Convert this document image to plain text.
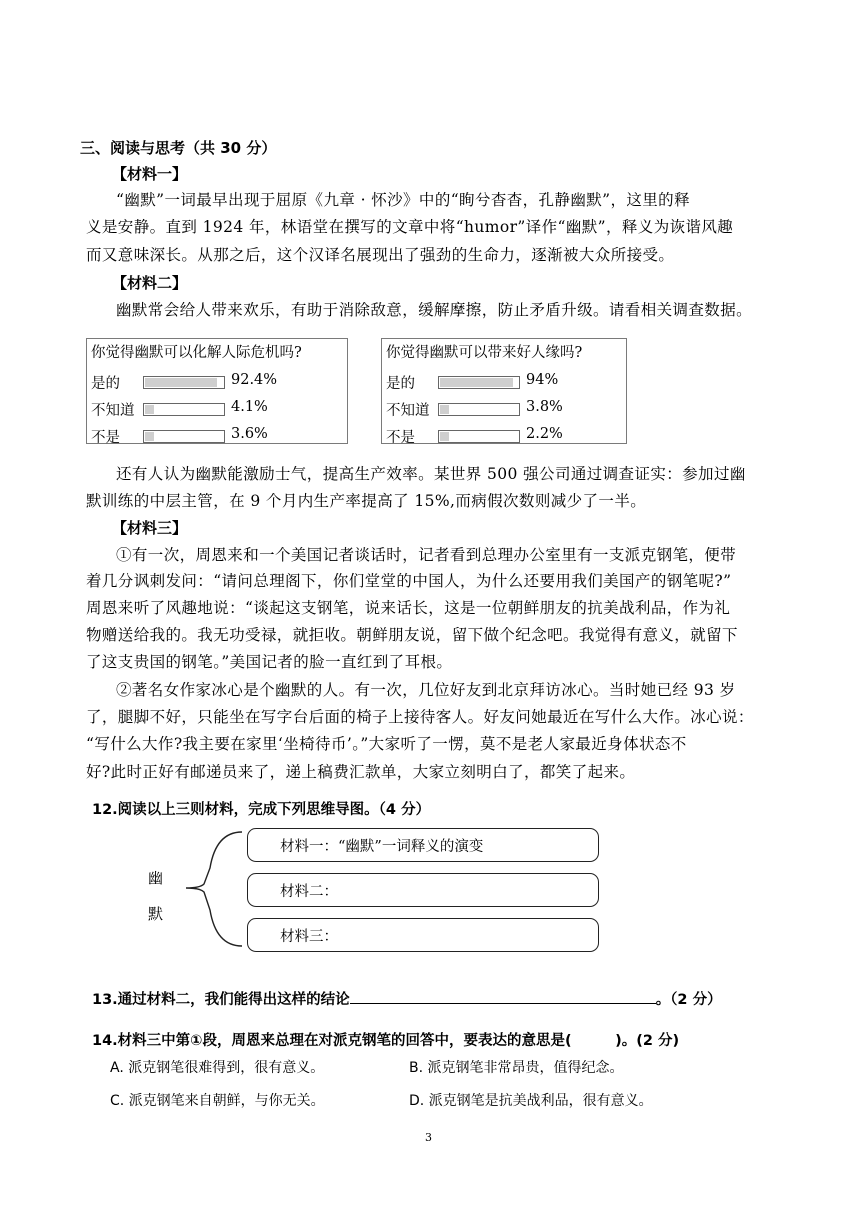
三、阅读与思考（共 30 分）
【材料一】
“幽默”一词最早出现于屈原《九章 · 怀沙》中的“眴兮杳杳，孔静幽默”，这里的释
义是安静。直到 1924 年，林语堂在撰写的文章中将“humor”译作“幽默”，释义为诙谐风趣
而又意味深长。从那之后，这个汉译名展现出了强劲的生命力，逐渐被大众所接受。
【材料二】
幽默常会给人带来欢乐，有助于消除敌意，缓解摩擦，防止矛盾升级。请看相关调查数据。
你觉得幽默可以化解人际危机吗?
是的	92.4%
不知道	4.1%
不是	3.6%
你觉得幽默可以带来好人缘吗?
是的	94%
不知道	3.8%
不是	2.2%
还有人认为幽默能激励士气，提高生产效率。某世界 500 强公司通过调查证实：参加过幽
默训练的中层主管，在 9 个月内生产率提高了 15%,而病假次数则减少了一半。
【材料三】
①有一次，周恩来和一个美国记者谈话时，记者看到总理办公室里有一支派克钢笔，便带
着几分讽刺发问：“请问总理阁下，你们堂堂的中国人，为什么还要用我们美国产的钢笔呢?”
周恩来听了风趣地说：“谈起这支钢笔，说来话长，这是一位朝鲜朋友的抗美战利品，作为礼
物赠送给我的。我无功受禄，就拒收。朝鲜朋友说，留下做个纪念吧。我觉得有意义，就留下
了这支贵国的钢笔。”美国记者的脸一直红到了耳根。
②著名女作家冰心是个幽默的人。有一次，几位好友到北京拜访冰心。当时她已经 93 岁
了，腿脚不好，只能坐在写字台后面的椅子上接待客人。好友问她最近在写什么大作。冰心说：
“写什么大作?我主要在家里‘坐椅待币’。”大家听了一愣，莫不是老人家最近身体状态不
好?此时正好有邮递员来了，递上稿费汇款单，大家立刻明白了，都笑了起来。
12.阅读以上三则材料，完成下列思维导图。（4 分）
幽
默
材料一：“幽默”一词释义的演变
材料二：
材料三：
13.通过材料二，我们能得出这样的结论	。（2 分）
14.材料三中第①段，周恩来总理在对派克钢笔的回答中，要表达的意思是(　　　)。(2 分)
A. 派克钢笔很难得到，很有意义。	B. 派克钢笔非常昂贵，值得纪念。
C. 派克钢笔来自朝鲜，与你无关。	D. 派克钢笔是抗美战利品，很有意义。
3
